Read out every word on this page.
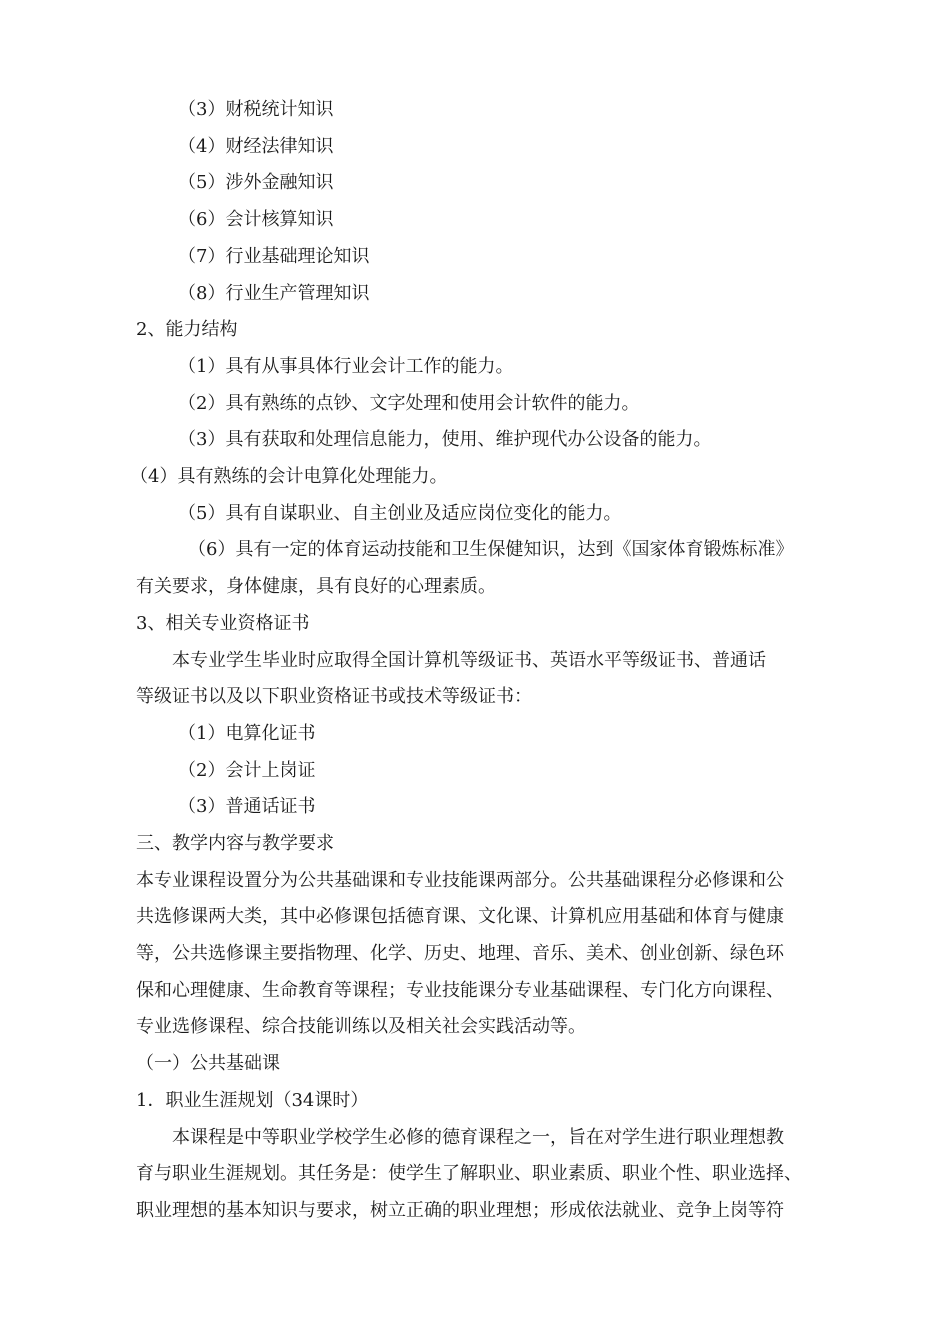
（3）财税统计知识
（4）财经法律知识
（5）涉外金融知识
（6）会计核算知识
（7）行业基础理论知识
（8）行业生产管理知识
2、能力结构
（1）具有从事具体行业会计工作的能力。
（2）具有熟练的点钞、文字处理和使用会计软件的能力。
（3）具有获取和处理信息能力，使用、维护现代办公设备的能力。
（4）具有熟练的会计电算化处理能力。
（5）具有自谋职业、自主创业及适应岗位变化的能力。
（6）具有一定的体育运动技能和卫生保健知识，达到《国家体育锻炼标准》
有关要求，身体健康，具有良好的心理素质。
3、相关专业资格证书
本专业学生毕业时应取得全国计算机等级证书、英语水平等级证书、普通话
等级证书以及以下职业资格证书或技术等级证书：
（1）电算化证书
（2）会计上岗证
（3）普通话证书
三、教学内容与教学要求
本专业课程设置分为公共基础课和专业技能课两部分。公共基础课程分必修课和公
共选修课两大类，其中必修课包括德育课、文化课、计算机应用基础和体育与健康
等，公共选修课主要指物理、化学、历史、地理、音乐、美术、创业创新、绿色环
保和心理健康、生命教育等课程；专业技能课分专业基础课程、专门化方向课程、
专业选修课程、综合技能训练以及相关社会实践活动等。
（一）公共基础课
1．职业生涯规划（34课时）
本课程是中等职业学校学生必修的德育课程之一，旨在对学生进行职业理想教
育与职业生涯规划。其任务是：使学生了解职业、职业素质、职业个性、职业选择、
职业理想的基本知识与要求，树立正确的职业理想；形成依法就业、竞争上岗等符
